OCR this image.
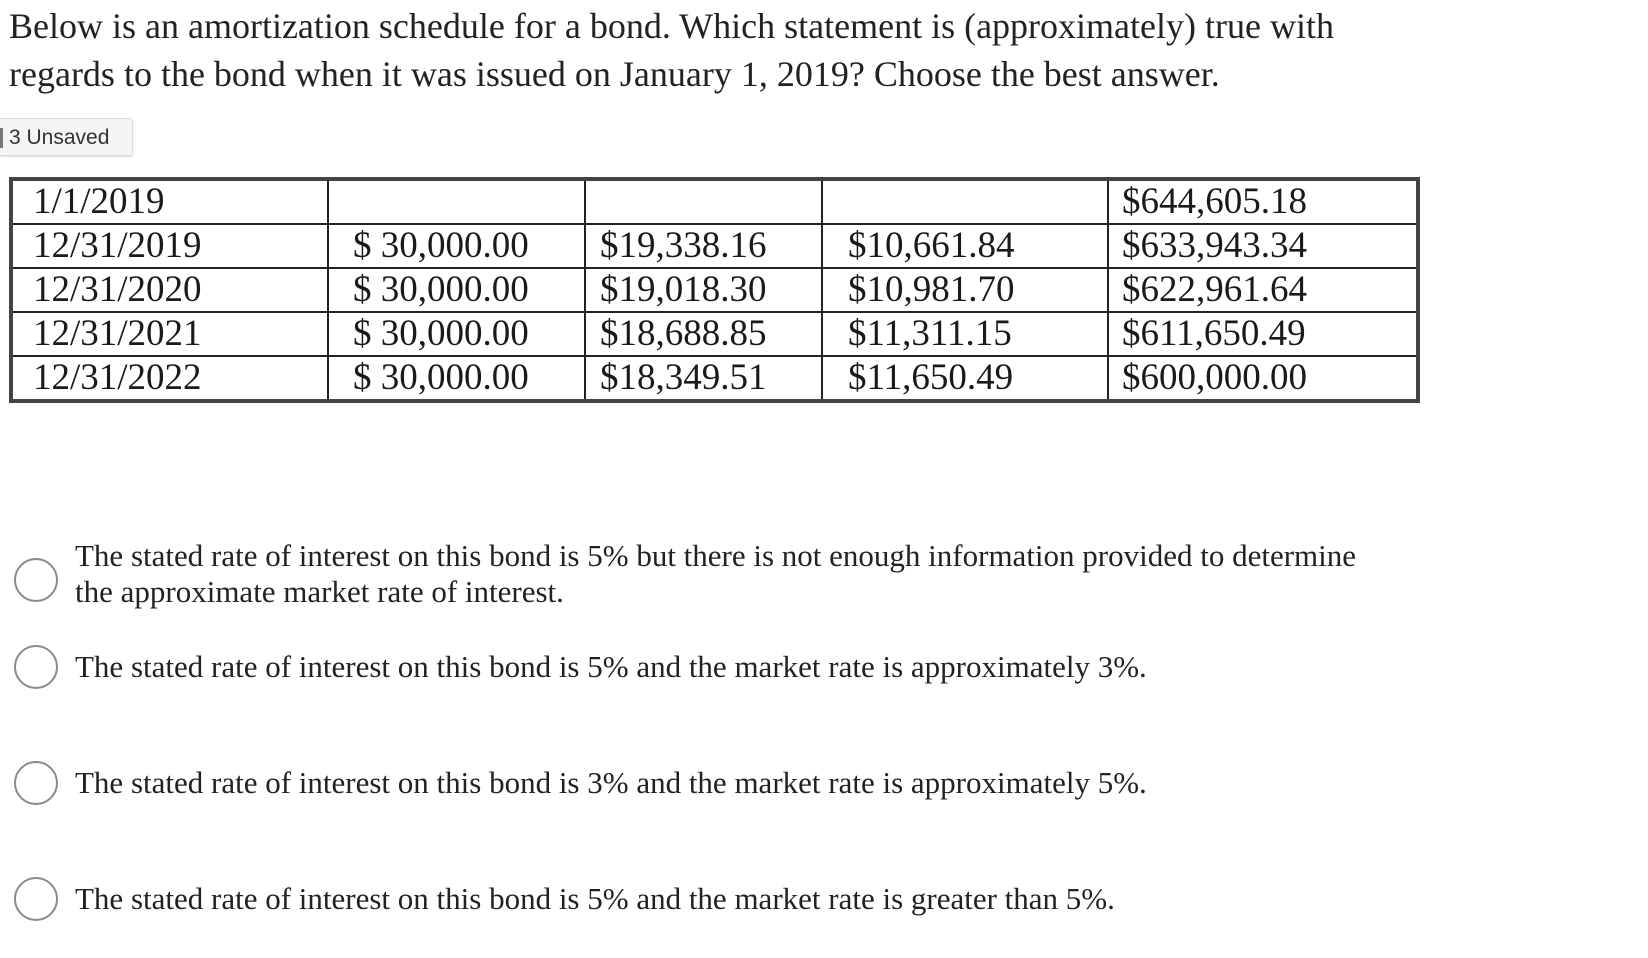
Below is an amortization schedule for a bond. Which statement is (approximately) true with

regards to the bond when it was issued on January 1, 2019? Choose the best answer.

3 Unsaved
1/1/2019				$644,605.18
12/31/2019	$ 30,000.00	$19,338.16	$10,661.84	$633,943.34
12/31/2020	$ 30,000.00	$19,018.30	$10,981.70	$622,961.64
12/31/2021	$ 30,000.00	$18,688.85	$11,311.15	$611,650.49
12/31/2022	$ 30,000.00	$18,349.51	$11,650.49	$600,000.00
The stated rate of interest on this bond is 5% but there is not enough information provided to determine
the approximate market rate of interest.
The stated rate of interest on this bond is 5% and the market rate is approximately 3%.
The stated rate of interest on this bond is 3% and the market rate is approximately 5%.
The stated rate of interest on this bond is 5% and the market rate is greater than 5%.
